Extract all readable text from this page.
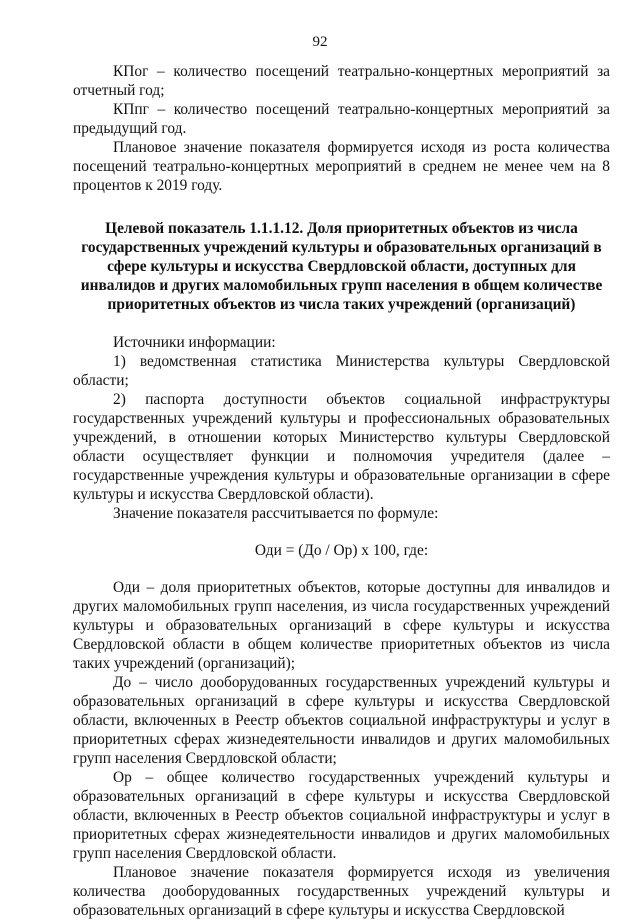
92

КПог – количество посещений театрально-концертных мероприятий за отчетный год;

КПпг – количество посещений театрально-концертных мероприятий за предыдущий год.

Плановое значение показателя формируется исходя из роста количества посещений театрально-концертных мероприятий в среднем не менее чем на 8 процентов к 2019 году.

Целевой показатель 1.1.1.12. Доля приоритетных объектов из числа государственных учреждений культуры и образовательных организаций в сфере культуры и искусства Свердловской области, доступных для инвалидов и других маломобильных групп населения в общем количестве приоритетных объектов из числа таких учреждений (организаций)

Источники информации:

1) ведомственная статистика Министерства культуры Свердловской области;

2) паспорта доступности объектов социальной инфраструктуры государственных учреждений культуры и профессиональных образовательных учреждений, в отношении которых Министерство культуры Свердловской области осуществляет функции и полномочия учредителя (далее – государственные учреждения культуры и образовательные организации в сфере культуры и искусства Свердловской области).

Значение показателя рассчитывается по формуле:

Оди = (До / Ор) х 100, где:

Оди – доля приоритетных объектов, которые доступны для инвалидов и других маломобильных групп населения, из числа государственных учреждений культуры и образовательных организаций в сфере культуры и искусства Свердловской области в общем количестве приоритетных объектов из числа таких учреждений (организаций);

До – число дооборудованных государственных учреждений культуры и образовательных организаций в сфере культуры и искусства Свердловской области, включенных в Реестр объектов социальной инфраструктуры и услуг в приоритетных сферах жизнедеятельности инвалидов и других маломобильных групп населения Свердловской области;

Ор – общее количество государственных учреждений культуры и образовательных организаций в сфере культуры и искусства Свердловской области, включенных в Реестр объектов социальной инфраструктуры и услуг в приоритетных сферах жизнедеятельности инвалидов и других маломобильных групп населения Свердловской области.

Плановое значение показателя формируется исходя из увеличения количества дооборудованных государственных учреждений культуры и образовательных организаций в сфере культуры и искусства Свердловской
